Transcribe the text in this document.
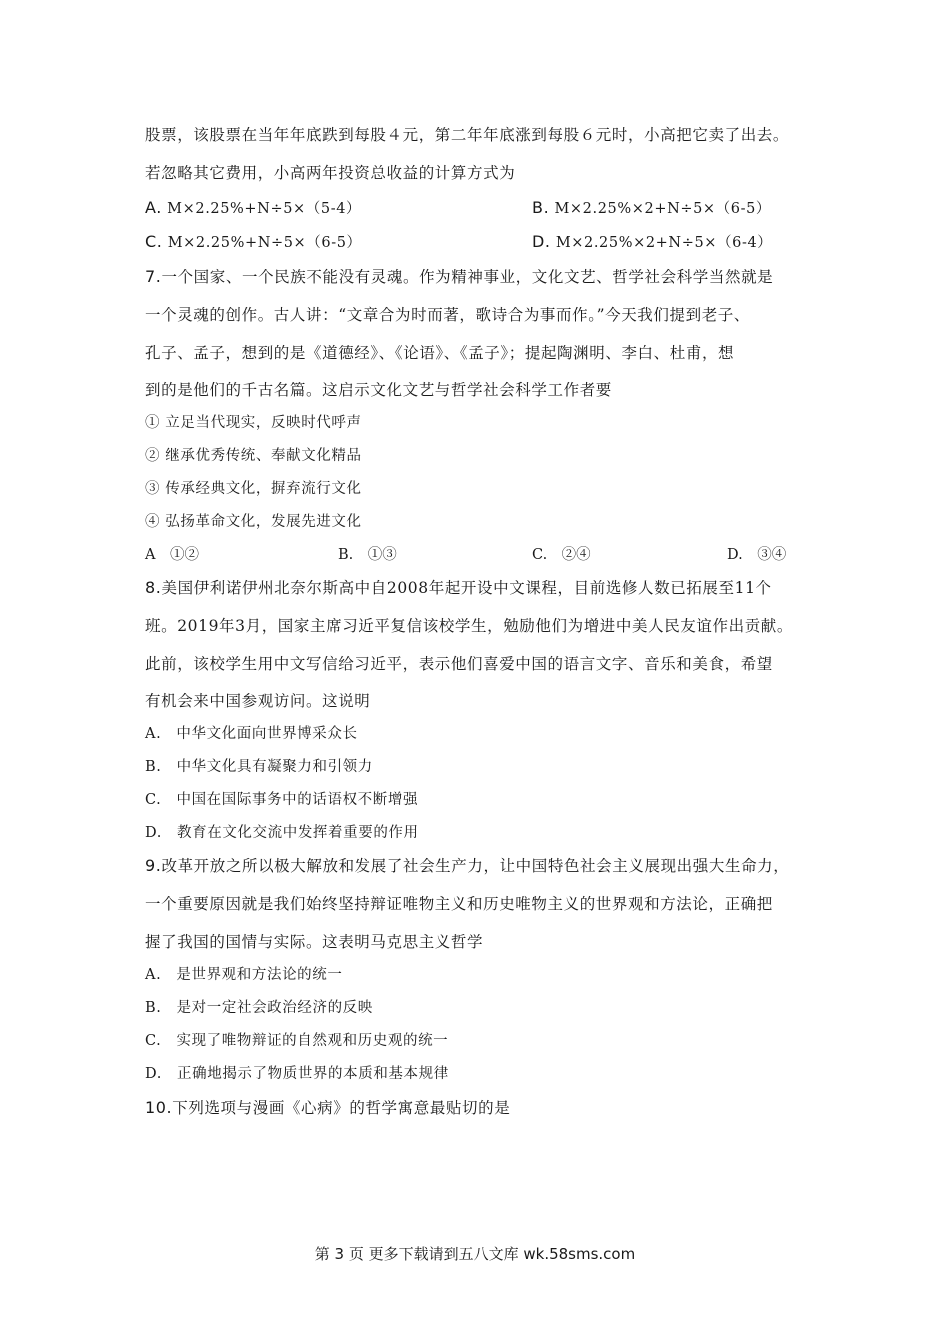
股票，该股票在当年年底跌到每股４元，第二年年底涨到每股６元时，小高把它卖了出去。
若忽略其它费用，小高两年投资总收益的计算方式为
A. M×2.25%+N÷5×（5-4）	B. M×2.25%×2+N÷5×（6-5）
C. M×2.25%+N÷5×（6-5）	D. M×2.25%×2+N÷5×（6-4）
7.一个国家、一个民族不能没有灵魂。作为精神事业，文化文艺、哲学社会科学当然就是
一个灵魂的创作。古人讲：“文章合为时而著，歌诗合为事而作。”今天我们提到老子、
孔子、孟子，想到的是《道德经》、《论语》、《孟子》；提起陶渊明、李白、杜甫，想
到的是他们的千古名篇。这启示文化文艺与哲学社会科学工作者要
① 立足当代现实，反映时代呼声
② 继承优秀传统、奉献文化精品
③ 传承经典文化，摒弃流行文化
④ 弘扬革命文化，发展先进文化
A　①②	B.　①③	C.　②④	D.　③④
8.美国伊利诺伊州北奈尔斯高中自2008年起开设中文课程，目前选修人数已拓展至11个
班。2019年3月，国家主席习近平复信该校学生，勉励他们为增进中美人民友谊作出贡献。
此前，该校学生用中文写信给习近平，表示他们喜爱中国的语言文字、音乐和美食，希望
有机会来中国参观访问。这说明
A.　中华文化面向世界博采众长
B.　中华文化具有凝聚力和引领力
C.　中国在国际事务中的话语权不断增强
D.　教育在文化交流中发挥着重要的作用
9.改革开放之所以极大解放和发展了社会生产力，让中国特色社会主义展现出强大生命力，
一个重要原因就是我们始终坚持辩证唯物主义和历史唯物主义的世界观和方法论，正确把
握了我国的国情与实际。这表明马克思主义哲学
A.　是世界观和方法论的统一
B.　是对一定社会政治经济的反映
C.　实现了唯物辩证的自然观和历史观的统一
D.　正确地揭示了物质世界的本质和基本规律
10.下列选项与漫画《心病》的哲学寓意最贴切的是
第 3 页 更多下载请到五八文库 wk.58sms.com
